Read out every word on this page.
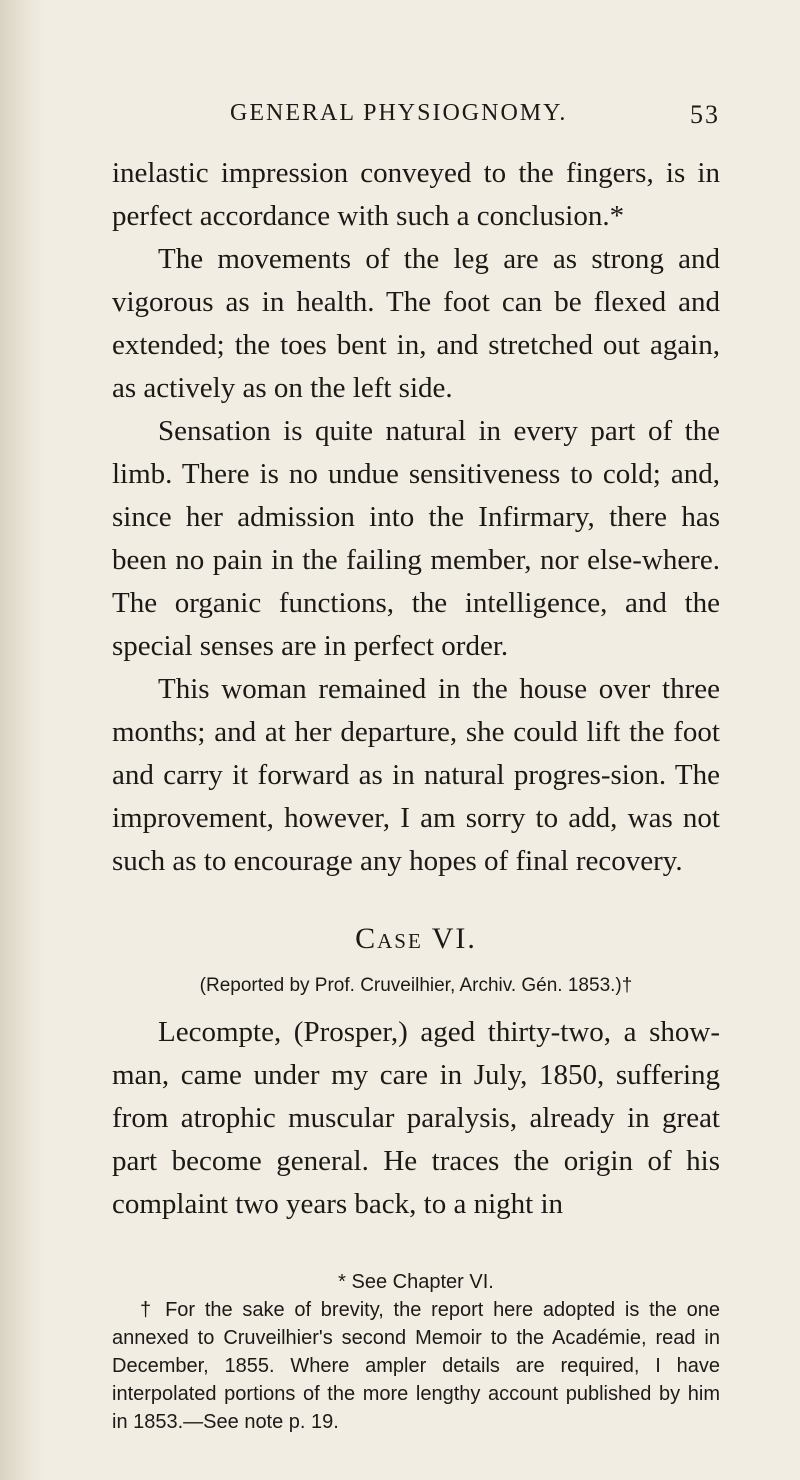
GENERAL PHYSIOGNOMY.	53

inelastic impression conveyed to the fingers, is in perfect accordance with such a conclusion.*

The movements of the leg are as strong and vigorous as in health. The foot can be flexed and extended; the toes bent in, and stretched out again, as actively as on the left side.

Sensation is quite natural in every part of the limb. There is no undue sensitiveness to cold; and, since her admission into the Infirmary, there has been no pain in the failing member, nor else-where. The organic functions, the intelligence, and the special senses are in perfect order.

This woman remained in the house over three months; and at her departure, she could lift the foot and carry it forward as in natural progres-sion. The improvement, however, I am sorry to add, was not such as to encourage any hopes of final recovery.

Case VI.
(Reported by Prof. Cruveilhier, Archiv. Gén. 1853.)†

Lecompte, (Prosper,) aged thirty-two, a show-man, came under my care in July, 1850, suffering from atrophic muscular paralysis, already in great part become general. He traces the origin of his complaint two years back, to a night in

* See Chapter VI.

† For the sake of brevity, the report here adopted is the one annexed to Cruveilhier's second Memoir to the Académie, read in December, 1855. Where ampler details are required, I have interpolated portions of the more lengthy account published by him in 1853.—See note p. 19.
